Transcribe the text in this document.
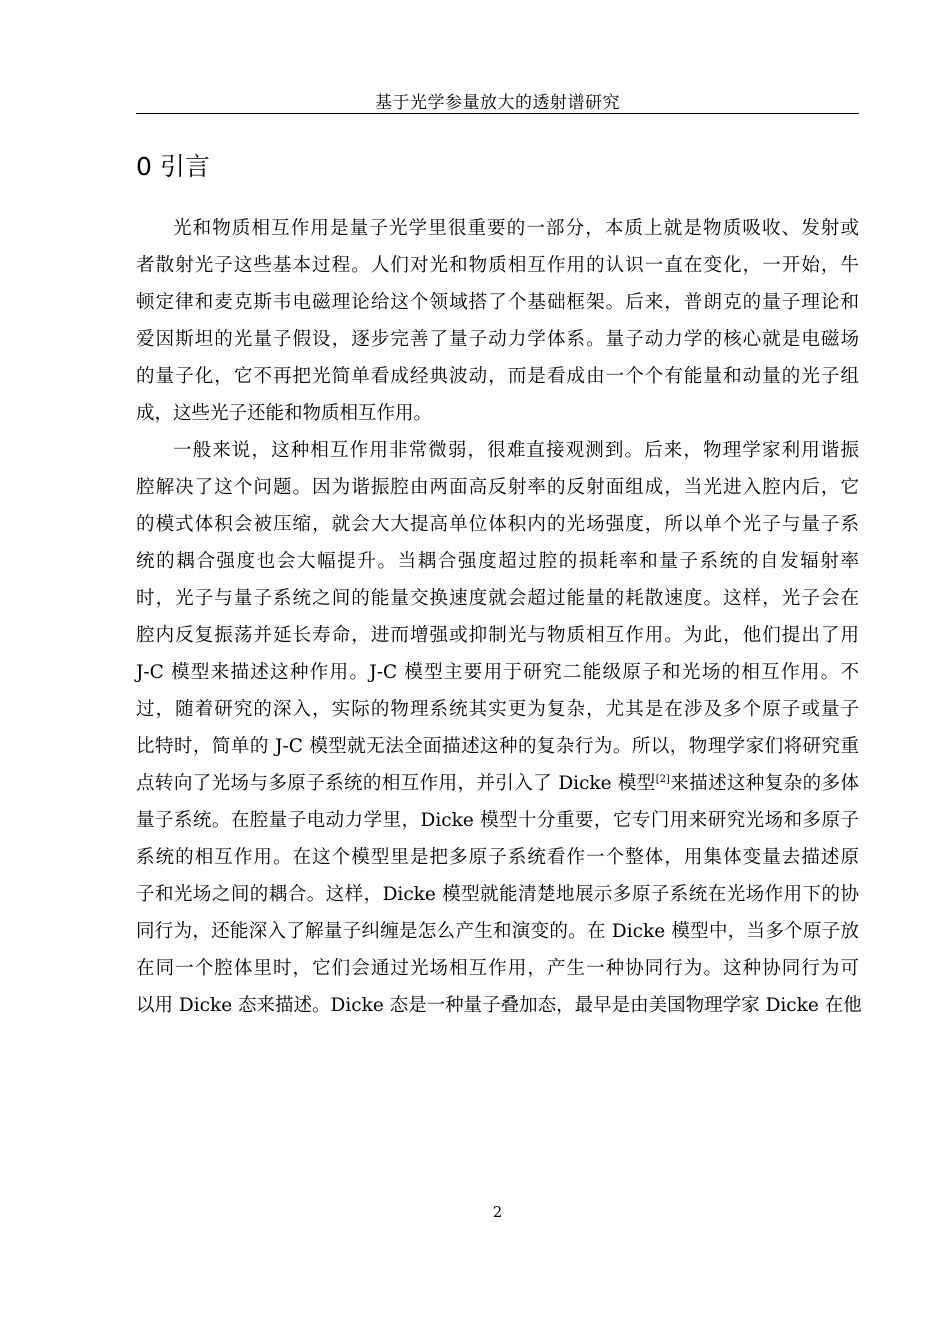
基于光学参量放大的透射谱研究
0 引言
光和物质相互作用是量子光学里很重要的一部分，本质上就是物质吸收、发射或
者散射光子这些基本过程。人们对光和物质相互作用的认识一直在变化，一开始，牛
顿定律和麦克斯韦电磁理论给这个领域搭了个基础框架。后来，普朗克的量子理论和
爱因斯坦的光量子假设，逐步完善了量子动力学体系。量子动力学的核心就是电磁场
的量子化，它不再把光简单看成经典波动，而是看成由一个个有能量和动量的光子组
成，这些光子还能和物质相互作用。
一般来说，这种相互作用非常微弱，很难直接观测到。后来，物理学家利用谐振
腔解决了这个问题。因为谐振腔由两面高反射率的反射面组成，当光进入腔内后，它
的模式体积会被压缩，就会大大提高单位体积内的光场强度，所以单个光子与量子系
统的耦合强度也会大幅提升。当耦合强度超过腔的损耗率和量子系统的自发辐射率
时，光子与量子系统之间的能量交换速度就会超过能量的耗散速度。这样，光子会在
腔内反复振荡并延长寿命，进而增强或抑制光与物质相互作用。为此，他们提出了用
J-C 模型来描述这种作用。J-C 模型主要用于研究二能级原子和光场的相互作用。不
过，随着研究的深入，实际的物理系统其实更为复杂，尤其是在涉及多个原子或量子
比特时，简单的 J-C 模型就无法全面描述这种的复杂行为。所以，物理学家们将研究重
点转向了光场与多原子系统的相互作用，并引入了 Dicke 模型[2]来描述这种复杂的多体
量子系统。在腔量子电动力学里，Dicke 模型十分重要，它专门用来研究光场和多原子
系统的相互作用。在这个模型里是把多原子系统看作一个整体，用集体变量去描述原
子和光场之间的耦合。这样，Dicke 模型就能清楚地展示多原子系统在光场作用下的协
同行为，还能深入了解量子纠缠是怎么产生和演变的。在 Dicke 模型中，当多个原子放
在同一个腔体里时，它们会通过光场相互作用，产生一种协同行为。这种协同行为可
以用 Dicke 态来描述。Dicke 态是一种量子叠加态，最早是由美国物理学家 Dicke 在他
2
